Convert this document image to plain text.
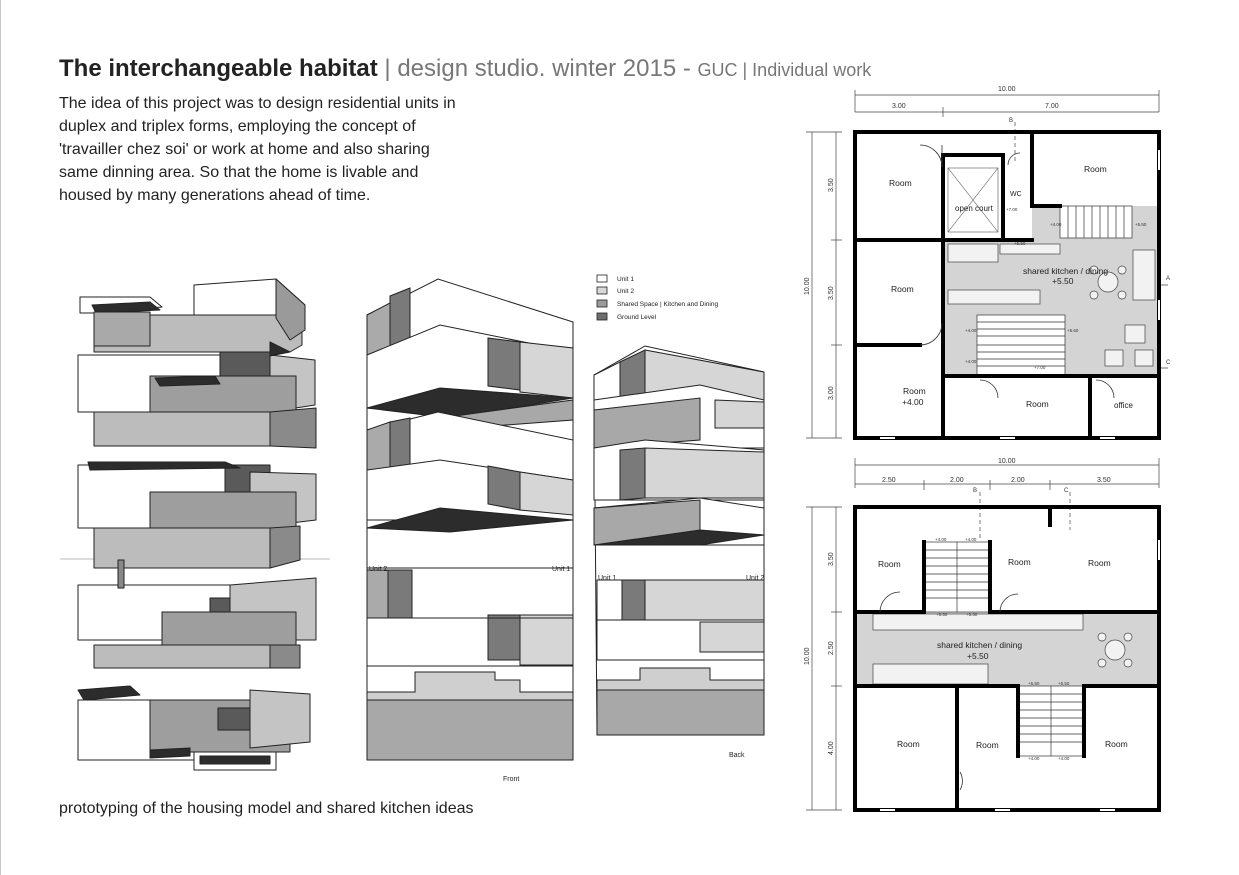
The interchangeable habitat | design studio. winter 2015 - GUC | Individual work
The idea of this project was to design residential units in duplex and triplex forms, employing the concept of 'travailler chez soi' or work at home and also sharing same dinning area. So that the home is livable and housed by many generations ahead of time.
prototyping of the housing model and shared kitchen ideas
Unit 2	Unit 1
Front
Unit 1	Unit 2
Back
Unit 1
Unit 2
Shared Space | Kitchen and Dining
Ground Level
10.00
3.00	7.00
3.50
3.50
3.00
10.00
B
A
C
Room
Room
open court
WC
Room
shared kitchen / dining
+5.50
Room
+4.00	Room	office
+7.00
+5.50
+4.00	+5.50
+4.00	+5.50
+7.00
+4.00
10.00
2.50	2.00	2.00	3.50
3.50
2.50
4.00
10.00
B	C
Room	Room	Room
shared kitchen / dining
+5.50
Room	Room	Room
+4.00	+4.00
+5.50	+5.50
+5.50	+5.50
+4.00	+4.00
